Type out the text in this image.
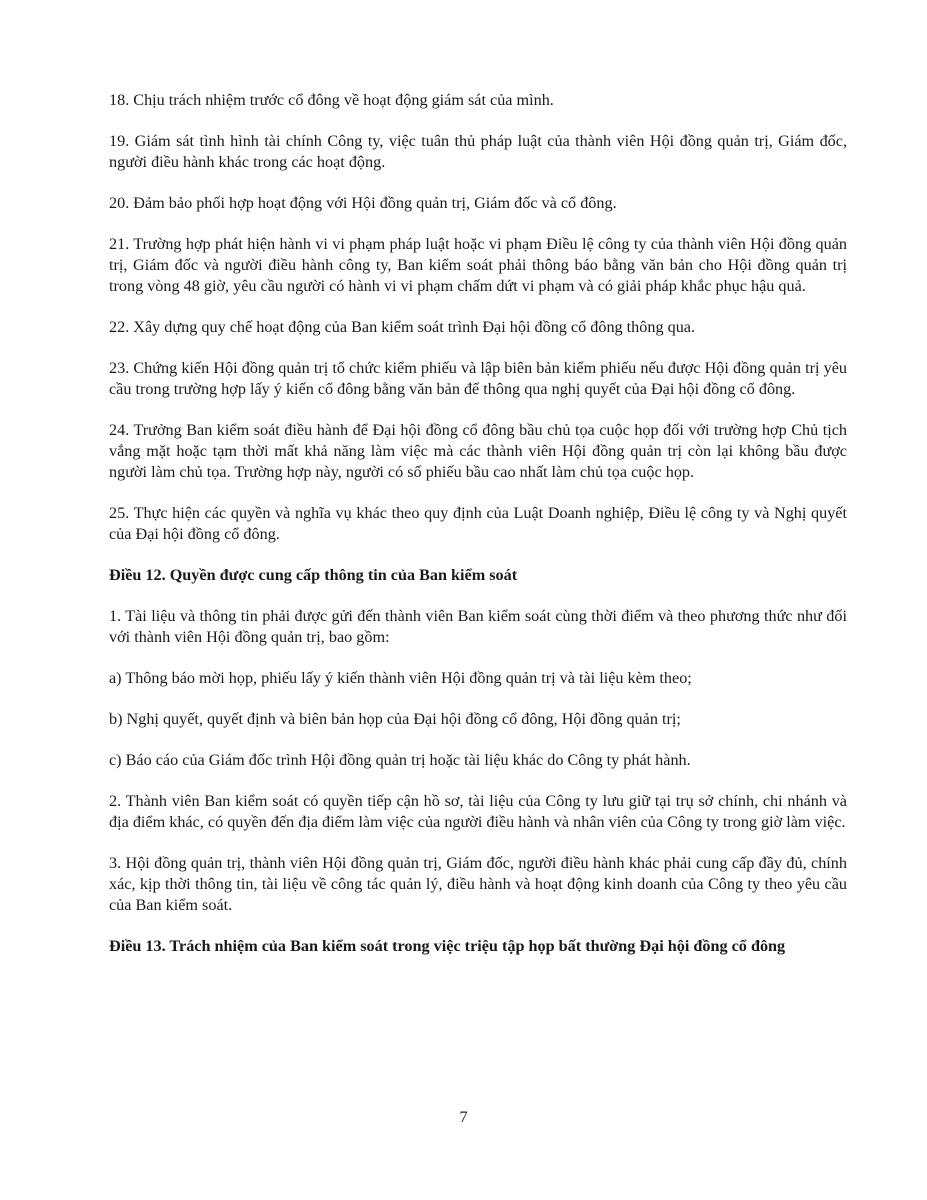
18. Chịu trách nhiệm trước cổ đông về hoạt động giám sát của mình.

19. Giám sát tình hình tài chính Công ty, việc tuân thủ pháp luật của thành viên Hội đồng quản trị, Giám đốc, người điều hành khác trong các hoạt động.

20. Đảm bảo phối hợp hoạt động với Hội đồng quản trị, Giám đốc và cổ đông.

21. Trường hợp phát hiện hành vi vi phạm pháp luật hoặc vi phạm Điều lệ công ty của thành viên Hội đồng quản trị, Giám đốc và người điều hành công ty, Ban kiểm soát phải thông báo bằng văn bản cho Hội đồng quản trị trong vòng 48 giờ, yêu cầu người có hành vi vi phạm chấm dứt vi phạm và có giải pháp khắc phục hậu quả.

22. Xây dựng quy chế hoạt động của Ban kiểm soát trình Đại hội đồng cổ đông thông qua.

23. Chứng kiến Hội đồng quản trị tổ chức kiểm phiếu và lập biên bản kiểm phiếu nếu được Hội đồng quản trị yêu cầu trong trường hợp lấy ý kiến cổ đông bằng văn bản để thông qua nghị quyết của Đại hội đồng cổ đông.

24. Trưởng Ban kiểm soát điều hành để Đại hội đồng cổ đông bầu chủ tọa cuộc họp đối với trường hợp Chủ tịch vắng mặt hoặc tạm thời mất khả năng làm việc mà các thành viên Hội đồng quản trị còn lại không bầu được người làm chủ tọa. Trường hợp này, người có số phiếu bầu cao nhất làm chủ tọa cuộc họp.

25. Thực hiện các quyền và nghĩa vụ khác theo quy định của Luật Doanh nghiệp, Điều lệ công ty và Nghị quyết của Đại hội đồng cổ đông.

Điều 12. Quyền được cung cấp thông tin của Ban kiểm soát

1. Tài liệu và thông tin phải được gửi đến thành viên Ban kiểm soát cùng thời điểm và theo phương thức như đối với thành viên Hội đồng quản trị, bao gồm:

a) Thông báo mời họp, phiếu lấy ý kiến thành viên Hội đồng quản trị và tài liệu kèm theo;

b) Nghị quyết, quyết định và biên bản họp của Đại hội đồng cổ đông, Hội đồng quản trị;

c) Báo cáo của Giám đốc trình Hội đồng quản trị hoặc tài liệu khác do Công ty phát hành.

2. Thành viên Ban kiểm soát có quyền tiếp cận hồ sơ, tài liệu của Công ty lưu giữ tại trụ sở chính, chi nhánh và địa điểm khác, có quyền đến địa điểm làm việc của người điều hành và nhân viên của Công ty trong giờ làm việc.

3. Hội đồng quản trị, thành viên Hội đồng quản trị, Giám đốc, người điều hành khác phải cung cấp đầy đủ, chính xác, kịp thời thông tin, tài liệu về công tác quản lý, điều hành và hoạt động kinh doanh của Công ty theo yêu cầu của Ban kiểm soát.

Điều 13. Trách nhiệm của Ban kiểm soát trong việc triệu tập họp bất thường Đại hội đồng cổ đông

7
